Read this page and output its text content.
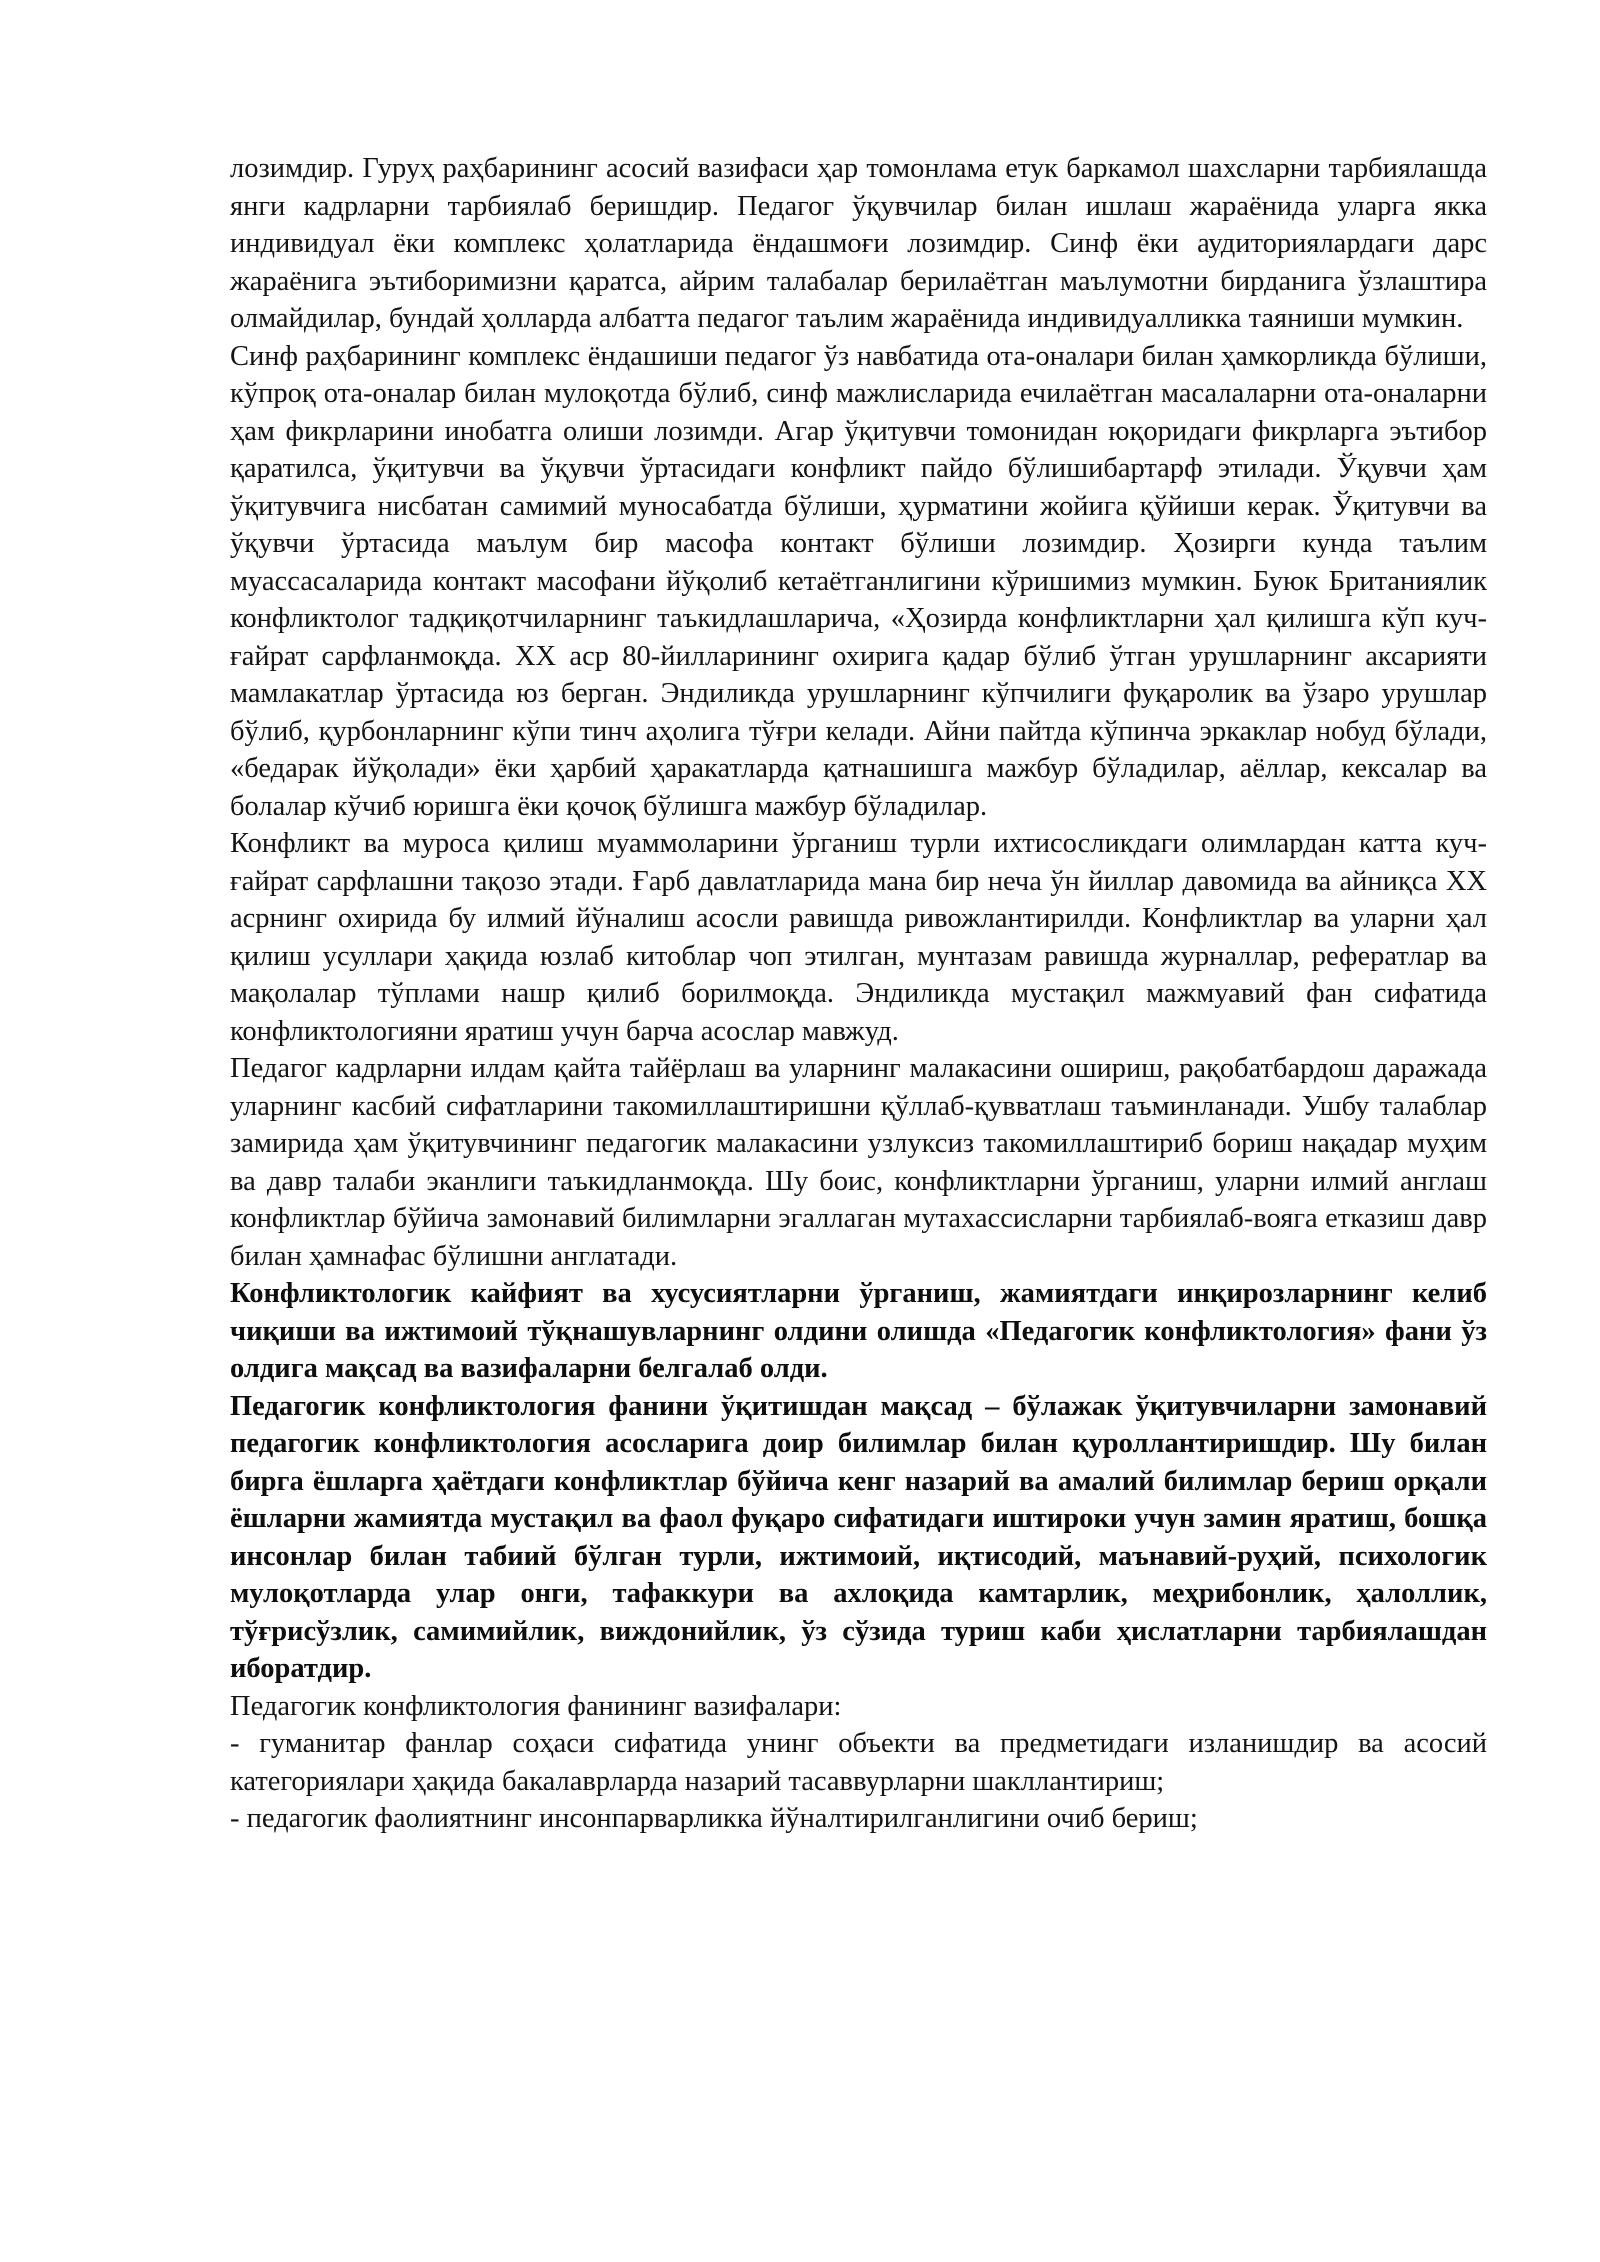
лозимдир. Гуруҳ раҳбарининг асосий вазифаси ҳар томонлама етук баркамол шахсларни тарбиялашда янги кадрларни тарбиялаб беришдир. Педагог ўқувчилар билан ишлаш жараёнида уларга якка индивидуал ёки комплекс ҳолатларида ёндашмоғи лозимдир. Синф ёки аудиториялардаги дарс жараёнига эътиборимизни қаратса, айрим талабалар берилаётган маълумотни бирданига ўзлаштира олмайдилар, бундай ҳолларда албатта педагог таълим жараёнида индивидуалликка таяниши мумкин.

Синф раҳбарининг комплекс ёндашиши педагог ўз навбатида ота-оналари билан ҳамкорликда бўлиши, кўпроқ ота-оналар билан мулоқотда бўлиб, синф мажлисларида ечилаётган масалаларни ота-оналарни ҳам фикрларини инобатга олиши лозимди. Агар ўқитувчи томонидан юқоридаги фикрларга эътибор қаратилса, ўқитувчи ва ўқувчи ўртасидаги конфликт пайдо бўлишибартарф этилади. Ўқувчи ҳам ўқитувчига нисбатан самимий муносабатда бўлиши, ҳурматини жойига қўйиши керак. Ўқитувчи ва ўқувчи ўртасида маълум бир масофа контакт бўлиши лозимдир. Ҳозирги кунда таълим муассасаларида контакт масофани йўқолиб кетаётганлигини кўришимиз мумкин. Буюк Британиялик конфликтолог тадқиқотчиларнинг таъкидлашларича, «Ҳозирда конфликтларни ҳал қилишга кўп куч-ғайрат сарфланмоқда. XX аср 80-йилларининг охирига қадар бўлиб ўтган урушларнинг аксарияти мамлакатлар ўртасида юз берган. Эндиликда урушларнинг кўпчилиги фуқаролик ва ўзаро урушлар бўлиб, қурбонларнинг кўпи тинч аҳолига тўғри келади. Айни пайтда кўпинча эркаклар нобуд бўлади, «бедарак йўқолади» ёки ҳарбий ҳаракатларда қатнашишга мажбур бўладилар, аёллар, кексалар ва болалар кўчиб юришга ёки қочоқ бўлишга мажбур бўладилар.

Конфликт ва муроса қилиш муаммоларини ўрганиш турли ихтисосликдаги олимлардан катта куч-ғайрат сарфлашни тақозо этади. Ғарб давлатларида мана бир неча ўн йиллар давомида ва айниқса XX асрнинг охирида бу илмий йўналиш асосли равишда ривожлантирилди. Конфликтлар ва уларни ҳал қилиш усуллари ҳақида юзлаб китоблар чоп этилган, мунтазам равишда журналлар, рефератлар ва мақолалар тўплами нашр қилиб борилмоқда. Эндиликда мустақил мажмуавий фан сифатида конфликтологияни яратиш учун барча асослар мавжуд.

Педагог кадрларни илдам қайта тайёрлаш ва уларнинг малакасини ошириш, рақобатбардош даражада уларнинг касбий сифатларини такомиллаштиришни қўллаб-қувватлаш таъминланади. Ушбу талаблар замирида ҳам ўқитувчининг педагогик малакасини узлуксиз такомиллаштириб бориш нақадар муҳим ва давр талаби эканлиги таъкидланмоқда. Шу боис, конфликтларни ўрганиш, уларни илмий англаш конфликтлар бўйича замонавий билимларни эгаллаган мутахассисларни тарбиялаб-вояга етказиш давр билан ҳамнафас бўлишни англатади.

Конфликтологик кайфият ва хусусиятларни ўрганиш, жамиятдаги инқирозларнинг келиб чиқиши ва ижтимоий тўқнашувларнинг олдини олишда «Педагогик конфликтология» фани ўз олдига мақсад ва вазифаларни белгалаб олди.

Педагогик конфликтология фанини ўқитишдан мақсад – бўлажак ўқитувчиларни замонавий педагогик конфликтология асосларига доир билимлар билан қуроллантиришдир. Шу билан бирга ёшларга ҳаётдаги конфликтлар бўйича кенг назарий ва амалий билимлар бериш орқали ёшларни жамиятда мустақил ва фаол фуқаро сифатидаги иштироки учун замин яратиш, бошқа инсонлар билан табиий бўлган турли, ижтимоий, иқтисодий, маънавий-руҳий, психологик мулоқотларда улар онги, тафаккури ва ахлоқида камтарлик, меҳрибонлик, ҳалоллик, тўғрисўзлик, самимийлик, виждонийлик, ўз сўзида туриш каби ҳислатларни тарбиялашдан иборатдир.

Педагогик конфликтология фанининг вазифалари:

- гуманитар фанлар соҳаси сифатида унинг объекти ва предметидаги изланишдир ва асосий категориялари ҳақида бакалаврларда назарий тасаввурларни шакллантириш;

- педагогик фаолиятнинг инсонпарварликка йўналтирилганлигини очиб бериш;
